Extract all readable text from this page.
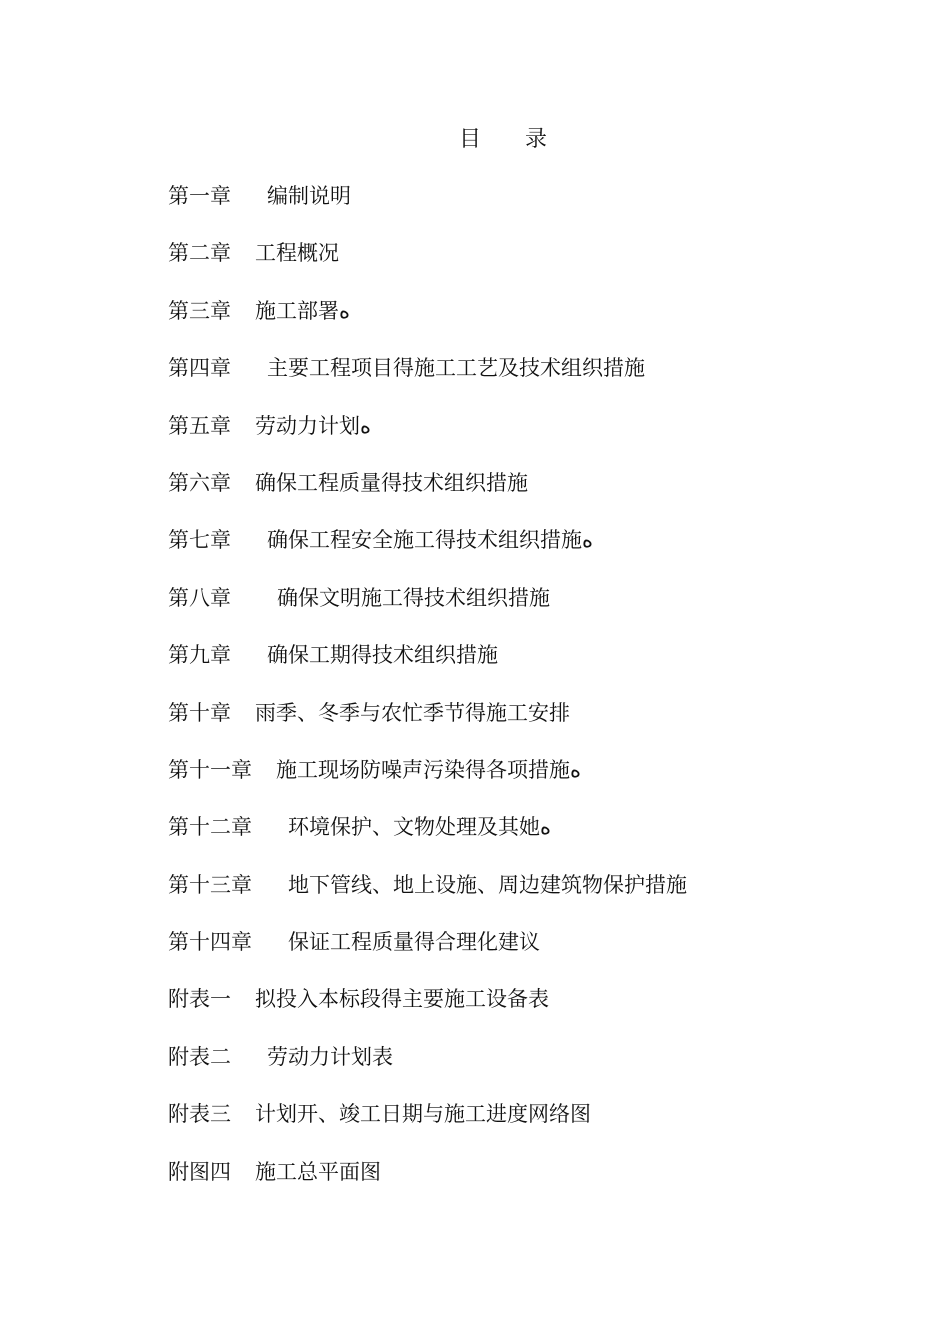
目 录
第一章 编制说明
第二章 工程概况
第三章 施工部署ﻩ
第四章 主要工程项目得施工工艺及技术组织措施
第五章 劳动力计划ﻩ
第六章 确保工程质量得技术组织措施
第七章 确保工程安全施工得技术组织措施ﻩ
第八章 确保文明施工得技术组织措施
第九章 确保工期得技术组织措施
第十章 雨季、冬季与农忙季节得施工安排
第十一章 施工现场防噪声污染得各项措施ﻩ
第十二章 环境保护、文物处理及其她ﻩ
第十三章 地下管线、地上设施、周边建筑物保护措施
第十四章 保证工程质量得合理化建议
附表一 拟投入本标段得主要施工设备表
附表二 劳动力计划表
附表三 计划开、竣工日期与施工进度网络图
附图四 施工总平面图
